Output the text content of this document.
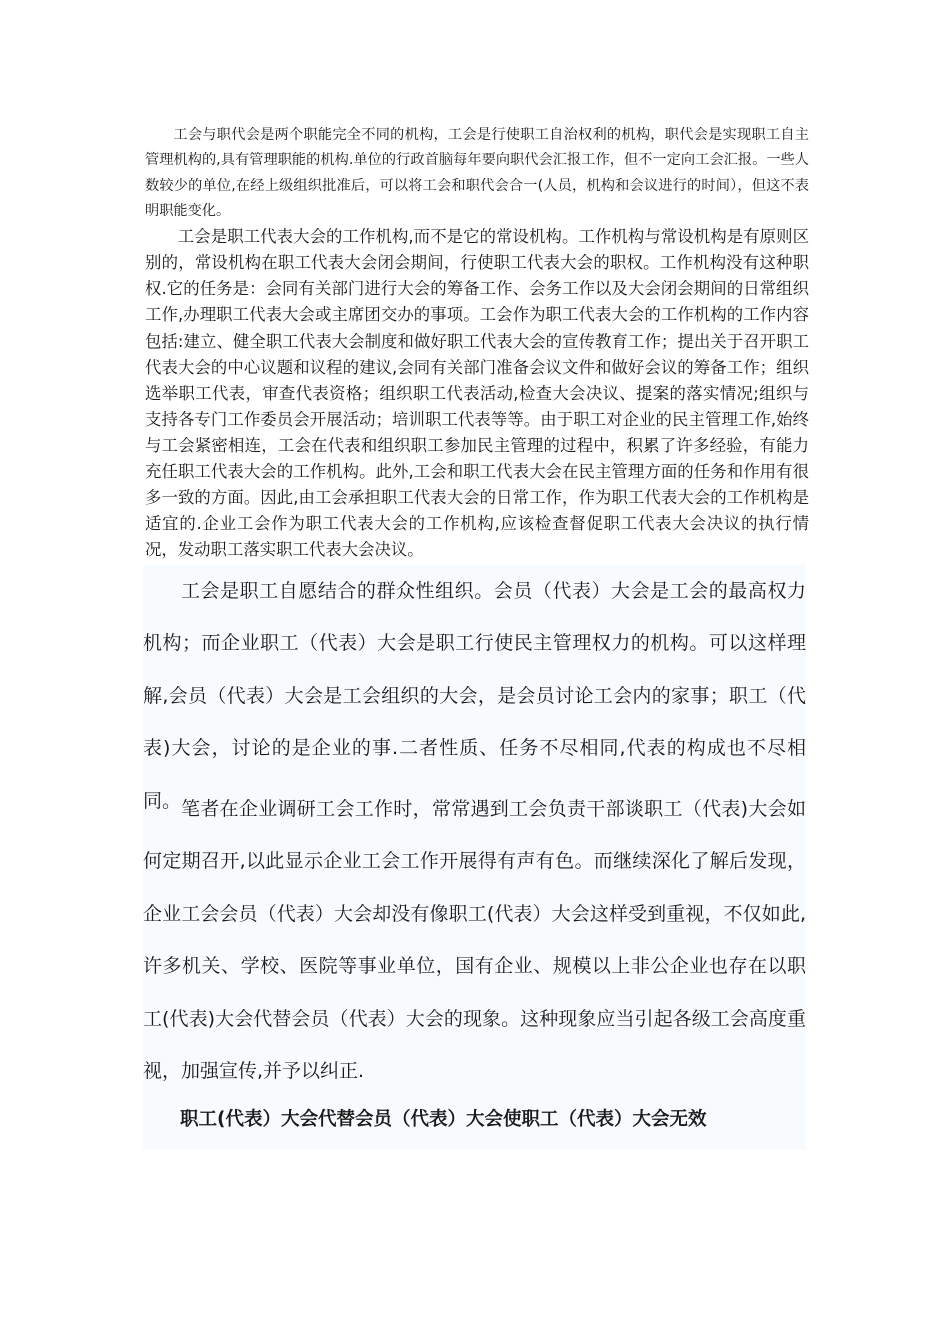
工会与职代会是两个职能完全不同的机构，工会是行使职工自治权利的机构，职代会是实现职工自主管理机构的,具有管理职能的机构.单位的行政首脑每年要向职代会汇报工作，但不一定向工会汇报。一些人数较少的单位,在经上级组织批准后，可以将工会和职代会合一(人员，机构和会议进行的时间），但这不表明职能变化。

工会是职工代表大会的工作机构,而不是它的常设机构。工作机构与常设机构是有原则区别的，常设机构在职工代表大会闭会期间，行使职工代表大会的职权。工作机构没有这种职权.它的任务是：会同有关部门进行大会的筹备工作、会务工作以及大会闭会期间的日常组织工作,办理职工代表大会或主席团交办的事项。工会作为职工代表大会的工作机构的工作内容包括:建立、健全职工代表大会制度和做好职工代表大会的宣传教育工作；提出关于召开职工代表大会的中心议题和议程的建议,会同有关部门准备会议文件和做好会议的筹备工作；组织选举职工代表，审查代表资格；组织职工代表活动,检查大会决议、提案的落实情况;组织与支持各专门工作委员会开展活动；培训职工代表等等。由于职工对企业的民主管理工作,始终与工会紧密相连，工会在代表和组织职工参加民主管理的过程中，积累了许多经验，有能力充任职工代表大会的工作机构。此外,工会和职工代表大会在民主管理方面的任务和作用有很多一致的方面。因此,由工会承担职工代表大会的日常工作，作为职工代表大会的工作机构是适宜的.企业工会作为职工代表大会的工作机构,应该检查督促职工代表大会决议的执行情况，发动职工落实职工代表大会决议。

工会是职工自愿结合的群众性组织。会员（代表）大会是工会的最高权力机构；而企业职工（代表）大会是职工行使民主管理权力的机构。可以这样理解,会员（代表）大会是工会组织的大会，是会员讨论工会内的家事；职工（代表)大会，讨论的是企业的事.二者性质、任务不尽相同,代表的构成也不尽相同。 笔者在企业调研工会工作时，常常遇到工会负责干部谈职工（代表)大会如何定期召开,以此显示企业工会工作开展得有声有色。而继续深化了解后发现，企业工会会员（代表）大会却没有像职工(代表）大会这样受到重视，不仅如此,许多机关、学校、医院等事业单位，国有企业、规模以上非公企业也存在以职工(代表)大会代替会员（代表）大会的现象。这种现象应当引起各级工会高度重视，加强宣传,并予以纠正.

职工(代表）大会代替会员（代表）大会使职工（代表）大会无效
